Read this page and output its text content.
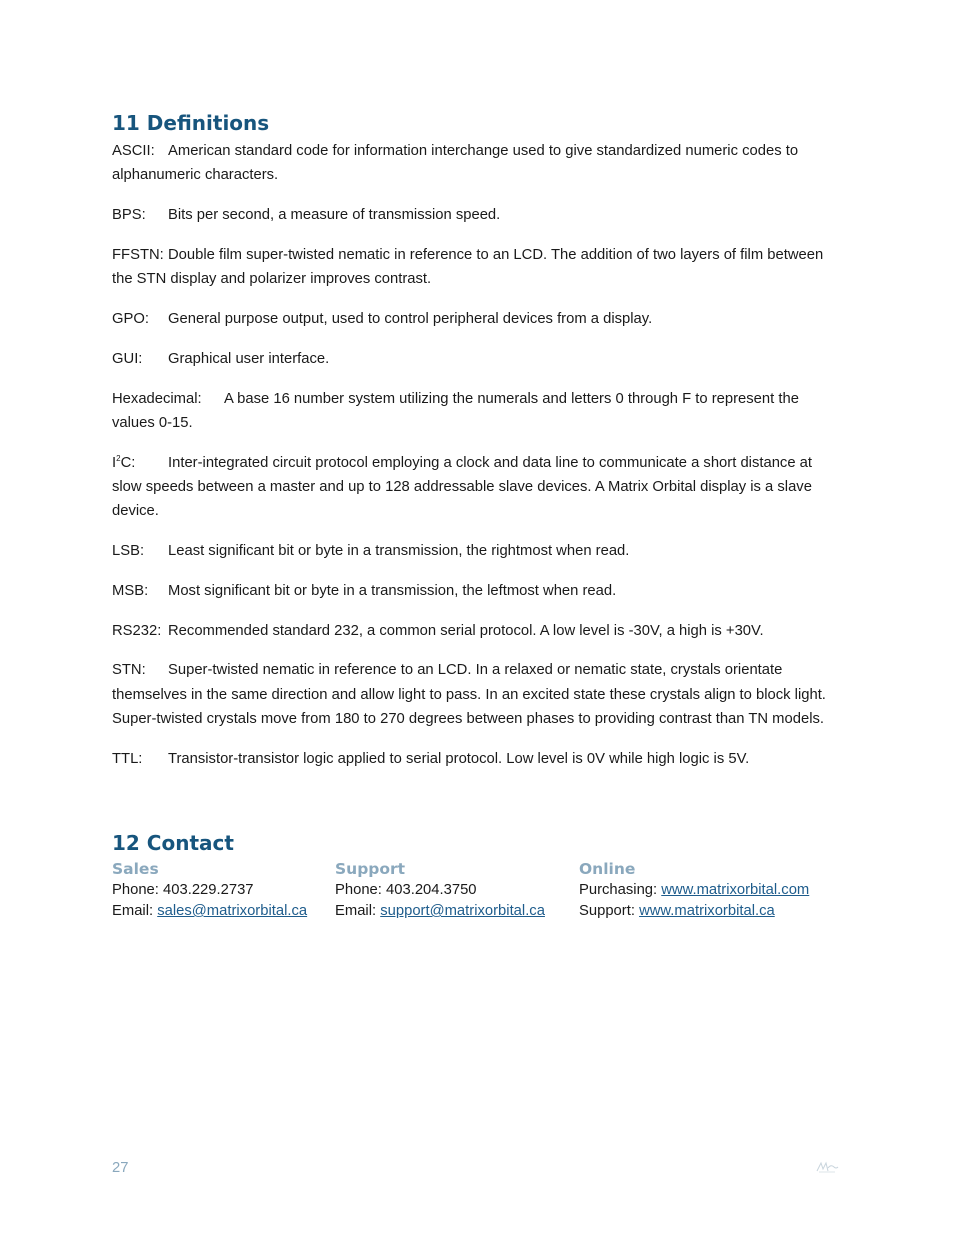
11 Definitions

ASCII: American standard code for information interchange used to give standardized numeric codes to alphanumeric characters.

BPS: Bits per second, a measure of transmission speed.

FFSTN: Double film super-twisted nematic in reference to an LCD. The addition of two layers of film between the STN display and polarizer improves contrast.

GPO: General purpose output, used to control peripheral devices from a display.

GUI: Graphical user interface.

Hexadecimal: A base 16 number system utilizing the numerals and letters 0 through F to represent the values 0-15.

$I^2C$: Inter-integrated circuit protocol employing a clock and data line to communicate a short distance at slow speeds between a master and up to 128 addressable slave devices. A Matrix Orbital display is a slave device.

LSB: Least significant bit or byte in a transmission, the rightmost when read.

MSB: Most significant bit or byte in a transmission, the leftmost when read.

RS232: Recommended standard 232, a common serial protocol. A low level is -30V, a high is +30V.

STN: Super-twisted nematic in reference to an LCD. In a relaxed or nematic state, crystals orientate themselves in the same direction and allow light to pass. In an excited state these crystals align to block light. Super-twisted crystals move from 180 to 270 degrees between phases to providing contrast than TN models.

TTL: Transistor-transistor logic applied to serial protocol. Low level is 0V while high logic is 5V.

12 Contact
Sales
Phone: 403.229.2737
Email: sales@matrixorbital.ca
Support
Phone: 403.204.3750
Email: support@matrixorbital.ca
Online
Purchasing: www.matrixorbital.com
Support: www.matrixorbital.ca
27
